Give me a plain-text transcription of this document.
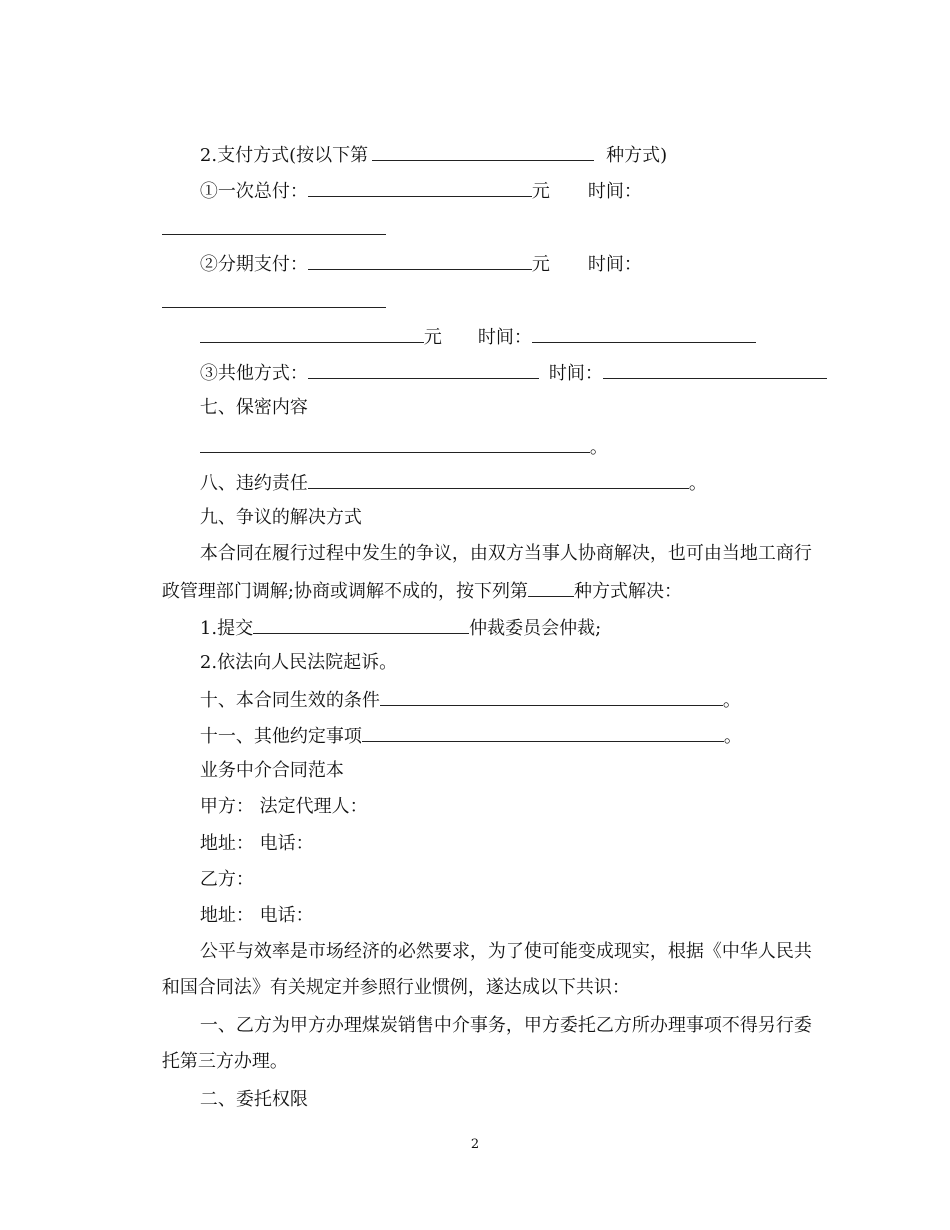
2.支付方式(按以下第	种方式)

①一次总付：	元 时间：

②分期支付：	元 时间：

元 时间：

③共他方式：	时间：

七、保密内容

。

八、违约责任	。

九、争议的解决方式

本合同在履行过程中发生的争议，由双方当事人协商解决，也可由当地工商行

政管理部门调解;协商或调解不成的，按下列第	种方式解决：

1.提交	仲裁委员会仲裁;

2.依法向人民法院起诉。

十、本合同生效的条件	。

十一、其他约定事项	。

业务中介合同范本

甲方： 法定代理人：

地址： 电话：

乙方：

地址： 电话：

公平与效率是市场经济的必然要求，为了使可能变成现实，根据《中华人民共

和国合同法》有关规定并参照行业惯例，遂达成以下共识：

一、乙方为甲方办理煤炭销售中介事务，甲方委托乙方所办理事项不得另行委

托第三方办理。

二、委托权限

2
